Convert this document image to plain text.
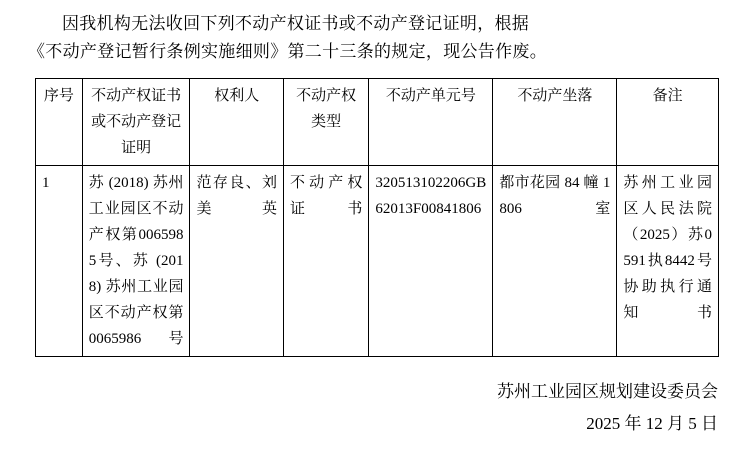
因我机构无法收回下列不动产权证书或不动产登记证明，根据

《不动产登记暂行条例实施细则》第二十三条的规定，现公告作废。

序号	不动产权证书或不动产登记证明	权利人	不动产权类型	不动产单元号	不动产坐落	备注
1	苏 (2018) 苏州工业园区不动产权第0065985号、苏 (2018) 苏州工业园区不动产权第0065986号	范存良、刘美英	不动产权证书	320513102206GB62013F00841806	都市花园 84 幢 1806 室	苏州工业园区人民法院（2025）苏0591执8442号协助执行通知书
苏州工业园区规划建设委员会
2025 年 12 月 5 日
